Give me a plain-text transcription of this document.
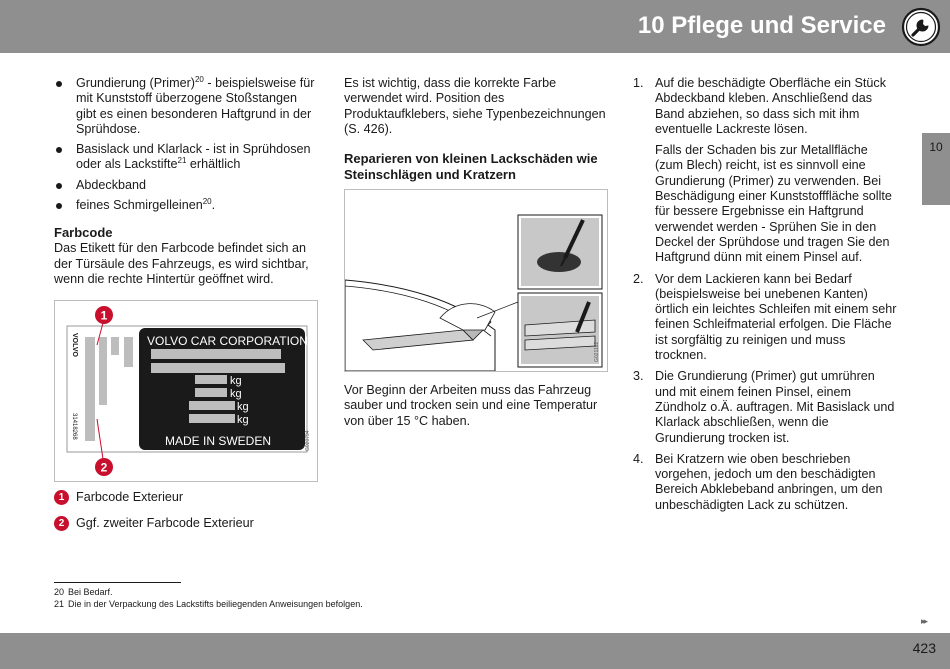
10 Pflege und Service
10
Grundierung (Primer)$^{20}$ - beispielsweise für mit Kunststoff überzogene Stoßstangen gibt es einen besonderen Haftgrund in der Sprühdose.
Basislack und Klarlack - ist in Sprühdosen oder als Lackstifte$^{21}$ erhältlich
Abdeckband
feines Schmirgelleinen$^{20}$.
Farbcode

Das Etikett für den Farbcode befindet sich an der Türsäule des Fahrzeugs, es wird sichtbar, wenn die rechte Hintertür geöffnet wird.

VOLVO CAR CORPORATION
kg
kg
kg
kg
MADE IN SWEDEN
VOLVO
31418268
G020794
1
2
1 Farbcode Exterieur
2 Ggf. zweiter Farbcode Exterieur

Es ist wichtig, dass die korrekte Farbe verwendet wird. Position des Produktaufklebers, siehe Typenbezeichnungen (S. 426).

Reparieren von kleinen Lackschäden wie Steinschlägen und Kratzern
G021182

Vor Beginn der Arbeiten muss das Fahrzeug sauber und trocken sein und eine Temperatur von über 15 °C haben.

1. Auf die beschädigte Oberfläche ein Stück Abdeckband kleben. Anschließend das Band abziehen, so dass sich mit ihm eventuelle Lackreste lösen.

Falls der Schaden bis zur Metallfläche (zum Blech) reicht, ist es sinnvoll eine Grundierung (Primer) zu verwenden. Bei Beschädigung einer Kunststofffläche sollte für bessere Ergebnisse ein Haftgrund verwendet werden - Sprühen Sie in den Deckel der Sprühdose und tragen Sie den Haftgrund dünn mit einem Pinsel auf.

2. Vor dem Lackieren kann bei Bedarf (beispielsweise bei unebenen Kanten) örtlich ein leichtes Schleifen mit einem sehr feinen Schleifmaterial erfolgen. Die Fläche ist sorgfältig zu reinigen und muss trocknen.

3. Die Grundierung (Primer) gut umrühren und mit einem feinen Pinsel, einem Zündholz o.Ä. auftragen. Mit Basislack und Klarlack abschließen, wenn die Grundierung trocken ist.

4. Bei Kratzern wie oben beschrieben vorgehen, jedoch um den beschädigten Bereich Abklebeband anbringen, um den unbeschädigten Lack zu schützen.

20 Bei Bedarf.
21 Die in der Verpackung des Lackstifts beiliegenden Anweisungen befolgen.
▸▸
423
